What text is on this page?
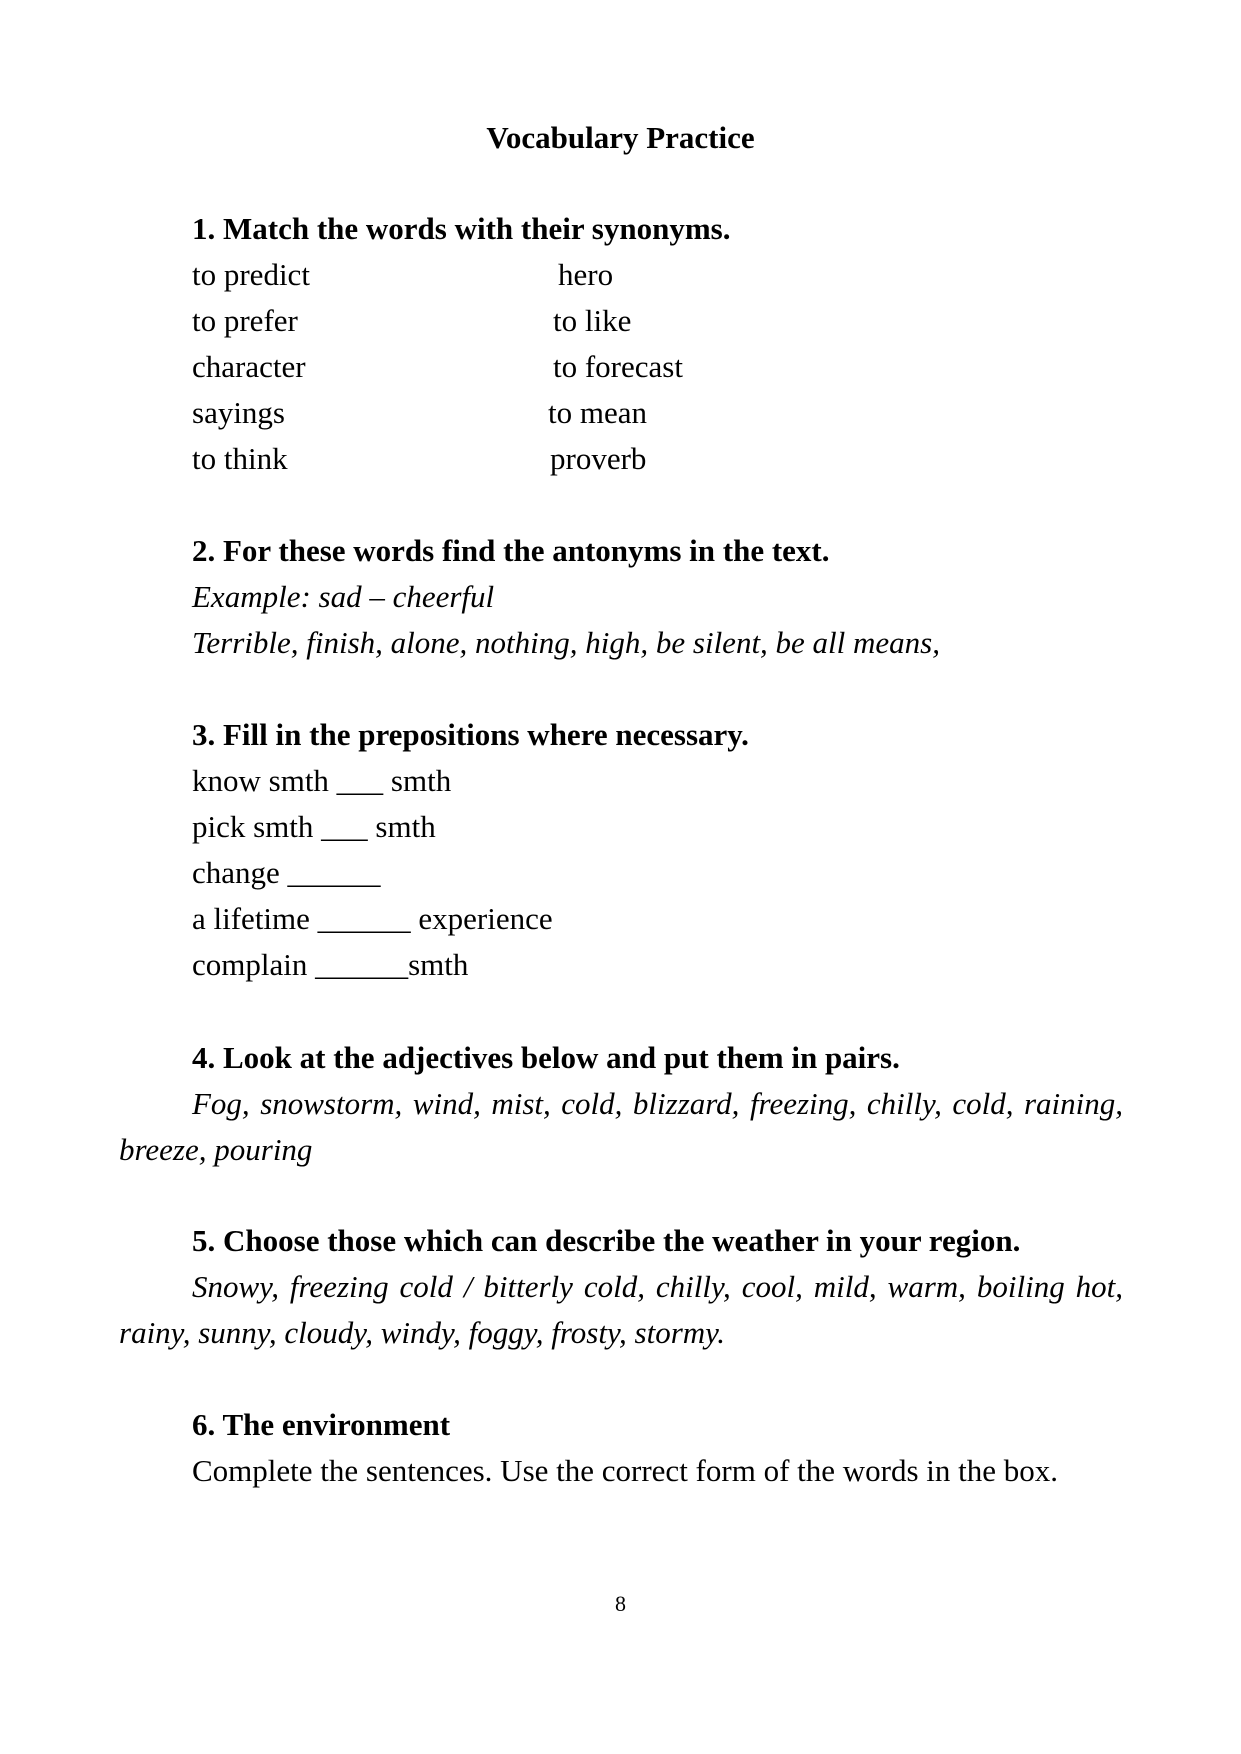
Vocabulary Practice
1. Match the words with their synonyms.
to predict	hero
to prefer	to like
character	to forecast
sayings	to mean
to think	proverb
2. For these words find the antonyms in the text.
Example: sad – cheerful
Terrible, finish, alone, nothing, high, be silent, be all means,
3. Fill in the prepositions where necessary.
know smth ___ smth
pick smth ___ smth
change ______
a lifetime ______ experience
complain ______smth
4. Look at the adjectives below and put them in pairs.
Fog, snowstorm, wind, mist, cold, blizzard, freezing, chilly, cold, raining, breeze, pouring
5. Choose those which can describe the weather in your region.
Snowy, freezing cold / bitterly cold, chilly, cool, mild, warm, boiling hot, rainy, sunny, cloudy, windy, foggy, frosty, stormy.
6. The environment
Complete the sentences. Use the correct form of the words in the box.
8
